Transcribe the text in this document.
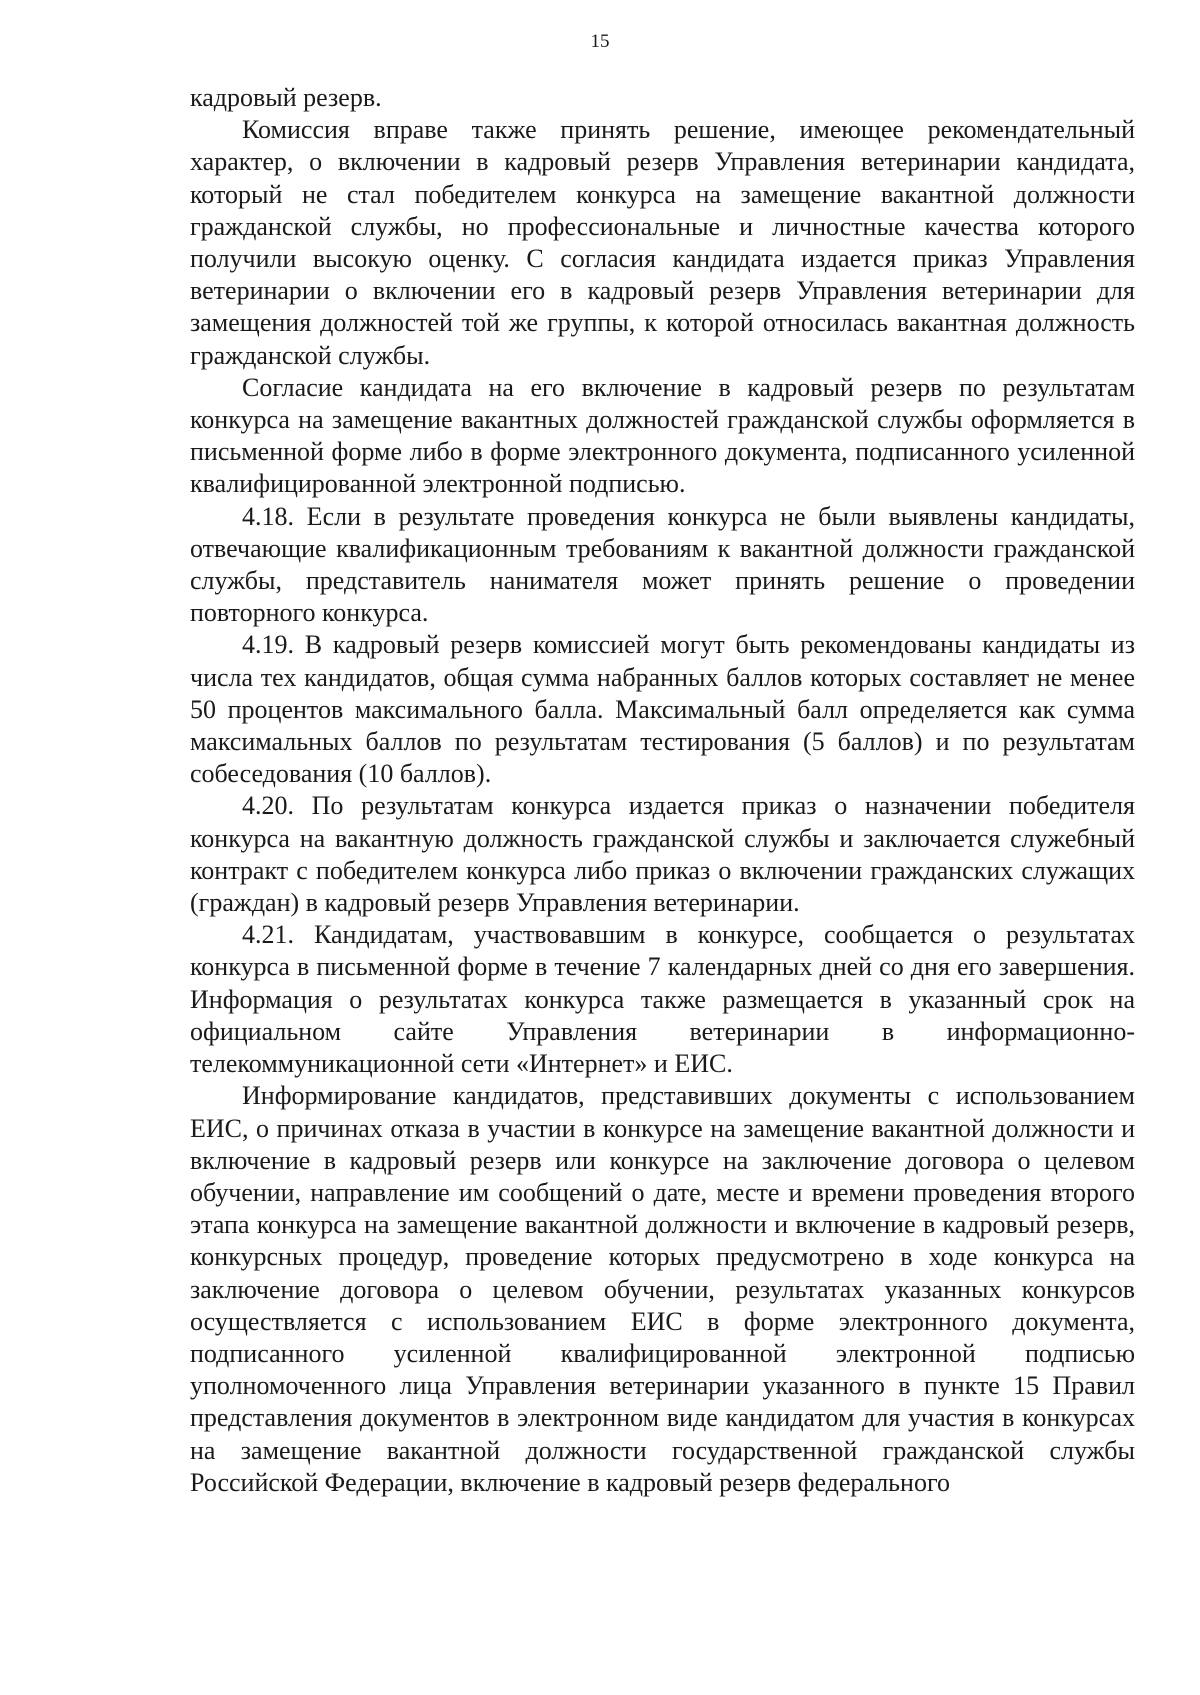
15

кадровый резерв.

Комиссия вправе также принять решение, имеющее рекомендательный характер, о включении в кадровый резерв Управления ветеринарии кандидата, который не стал победителем конкурса на замещение вакантной должности гражданской службы, но профессиональные и личностные качества которого получили высокую оценку. С согласия кандидата издается приказ Управления ветеринарии о включении его в кадровый резерв Управления ветеринарии для замещения должностей той же группы, к которой относилась вакантная должность гражданской службы.

Согласие кандидата на его включение в кадровый резерв по результатам конкурса на замещение вакантных должностей гражданской службы оформляется в письменной форме либо в форме электронного документа, подписанного усиленной квалифицированной электронной подписью.

4.18. Если в результате проведения конкурса не были выявлены кандидаты, отвечающие квалификационным требованиям к вакантной должности гражданской службы, представитель нанимателя может принять решение о проведении повторного конкурса.

4.19. В кадровый резерв комиссией могут быть рекомендованы кандидаты из числа тех кандидатов, общая сумма набранных баллов которых составляет не менее 50 процентов максимального балла. Максимальный балл определяется как сумма максимальных баллов по результатам тестирования (5 баллов) и по результатам собеседования (10 баллов).

4.20. По результатам конкурса издается приказ о назначении победителя конкурса на вакантную должность гражданской службы и заключается служебный контракт с победителем конкурса либо приказ о включении гражданских служащих (граждан) в кадровый резерв Управления ветеринарии.

4.21. Кандидатам, участвовавшим в конкурсе, сообщается о результатах конкурса в письменной форме в течение 7 календарных дней со дня его завершения. Информация о результатах конкурса также размещается в указанный срок на официальном сайте Управления ветеринарии в информационно-телекоммуникационной сети «Интернет» и ЕИС.

Информирование кандидатов, представивших документы с использованием ЕИС, о причинах отказа в участии в конкурсе на замещение вакантной должности и включение в кадровый резерв или конкурсе на заключение договора о целевом обучении, направление им сообщений о дате, месте и времени проведения второго этапа конкурса на замещение вакантной должности и включение в кадровый резерв, конкурсных процедур, проведение которых предусмотрено в ходе конкурса на заключение договора о целевом обучении, результатах указанных конкурсов осуществляется с использованием ЕИС в форме электронного документа, подписанного усиленной квалифицированной электронной подписью уполномоченного лица Управления ветеринарии указанного в пункте 15 Правил представления документов в электронном виде кандидатом для участия в конкурсах на замещение вакантной должности государственной гражданской службы Российской Федерации, включение в кадровый резерв федерального
